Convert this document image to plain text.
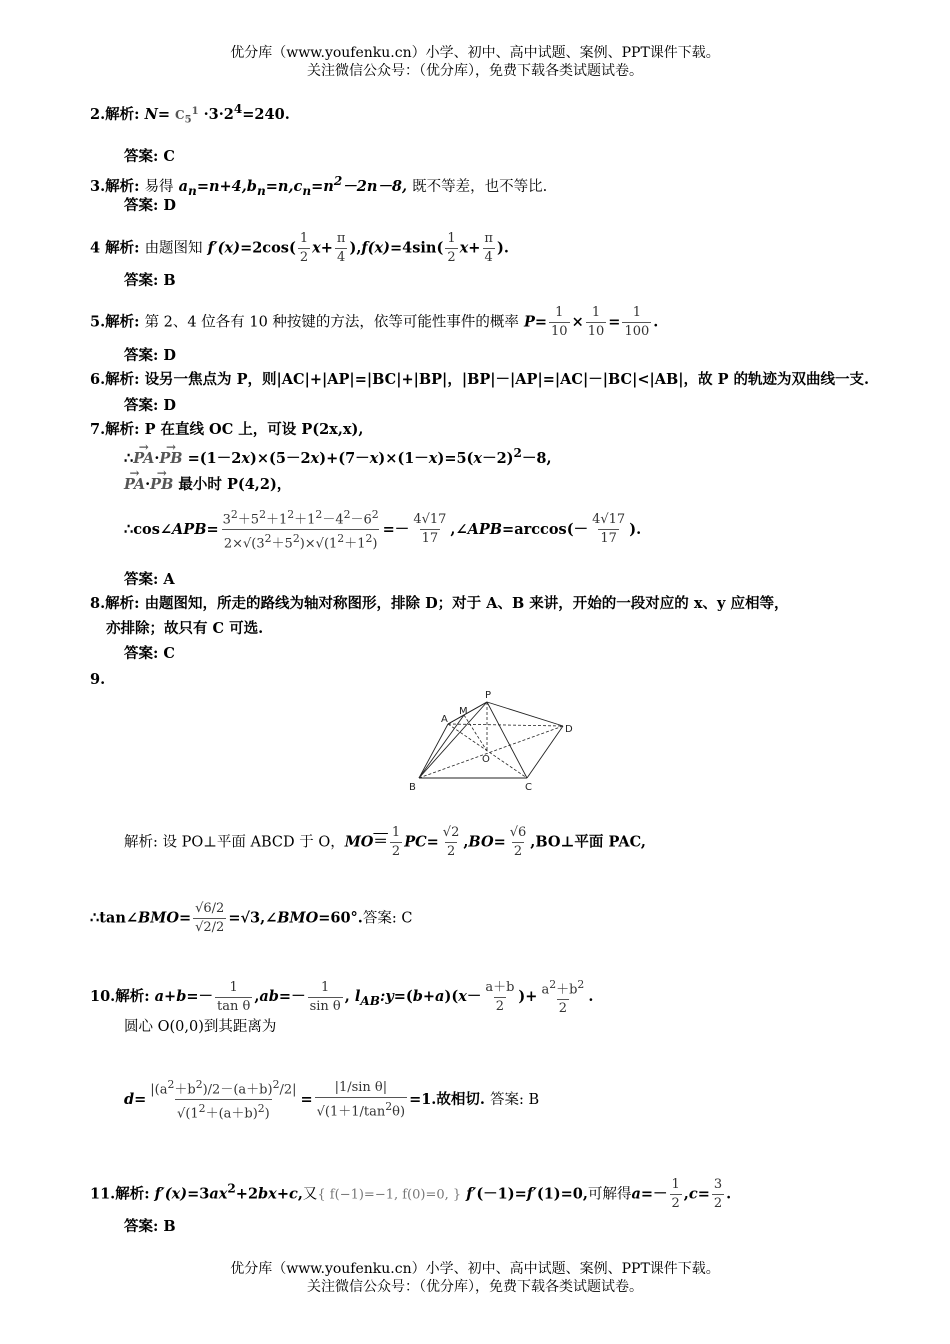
优分库（www.youfenku.cn）小学、初中、高中试题、案例、PPT课件下载。
关注微信公众号：（优分库），免费下载各类试题试卷。
2.解析: $N= C_5^1 \cdot 3\cdot 2^4=240$.
答案: C
3.解析: 易得 $a_n=n+4,b_n=n,c_n=n^2-2n-8$, 既不等差，也不等比.
答案: D
4 解析: 由题图知 $f'(x)=2\cos( \frac{1}{2} x+ \frac{\pi}{4} ),f(x)=4\sin( \frac{1}{2} x+ \frac{\pi}{4}$ ).
答案: B
5.解析: 第 2、4 位各有 10 种按键的方法，依等可能性事件的概率 $P= \frac{1}{10} \times \frac{1}{10} = \frac{1}{100}$ .
答案: D
6.解析: 设另一焦点为 P，则|AC|+|AP|=|BC|+|BP|，|BP|－|AP|=|AC|－|BC|<|AB|，故 P 的轨迹为双曲线一支.
答案: D
7.解析: P 在直线 OC 上，可设 P(2x,x),
∴→ PA·→ PB $=(1-2x)\times(5-2x)+(7-x)\times(1-x)=5(x-2)^2-8$,
→ PA·→ PB 最小时 P(4,2)，
∴cos∠APB= $\frac{3^2+5^2+1^2+1^2-4^2-6^2}{2\times√(3^2+5^2)\times√(1^2+1^2)} =- \frac{4√17}{17}$ ,∠APB=arccos(－ $\frac{4√17}{17}$ ).
答案: A
8.解析: 由题图知，所走的路线为轴对称图形，排除 D；对于 A、B 来讲，开始的一段对应的 x、y 应相等，
亦排除；故只有 C 可选.
答案: C
9.
P
A
M
D
O
B	C
解析: 设 PO⊥平面 ABCD 于 O，$MO= \frac{1}{2} PC= \frac{√2}{2} ,BO= \frac{√6}{2}$ ,BO⊥平面 PAC,
∴tan∠BMO= $\frac{√6/2}{√2/2}$ =√3,∠BMO=60°.答案: C
10.解析: $a+b=- \frac{1}{\text{tan θ}} ,ab=- \frac{1}{\text{sin θ}}$ , $l_{AB}:y=(b+a)(x- \frac{a+b}{2}$ )+ $\frac{a^2+b^2}{2}$ .
圆心 O(0,0)到其距离为
$d= \frac{|(a^2+b^2)/2-(a+b)^2/2|}{√(1^2+(a+b)^2)} = \frac{\text{|1/sin θ|}}{√(1+1/\tan^2\theta)} =1$.故相切. 答案: B
11.解析: $f'(x)=3ax^2+2bx+c$,又{ f(−1)=−1, f(0)=0, } f′(－1)=f′(1)=0,可解得$a=- \frac{1}{2} ,c= \frac{3}{2}$ .
答案: B
优分库（www.youfenku.cn）小学、初中、高中试题、案例、PPT课件下载。
关注微信公众号：（优分库），免费下载各类试题试卷。
